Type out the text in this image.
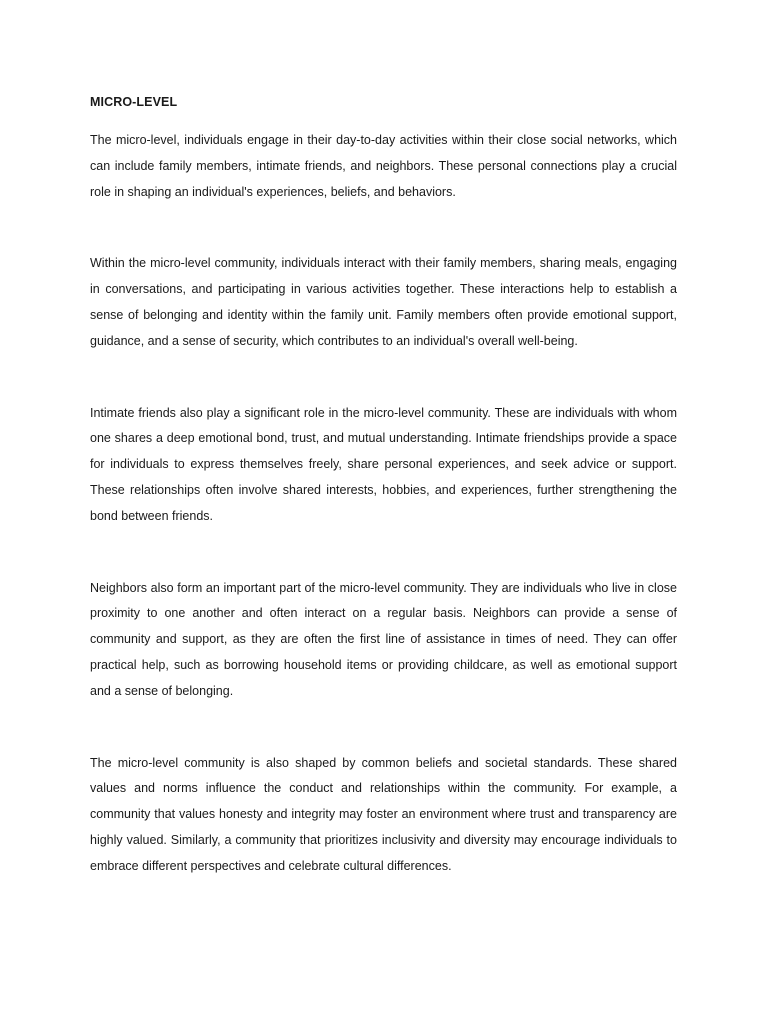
MICRO-LEVEL

The micro-level, individuals engage in their day-to-day activities within their close social networks, which can include family members, intimate friends, and neighbors. These personal connections play a crucial role in shaping an individual's experiences, beliefs, and behaviors.

Within the micro-level community, individuals interact with their family members, sharing meals, engaging in conversations, and participating in various activities together. These interactions help to establish a sense of belonging and identity within the family unit. Family members often provide emotional support, guidance, and a sense of security, which contributes to an individual's overall well-being.

Intimate friends also play a significant role in the micro-level community. These are individuals with whom one shares a deep emotional bond, trust, and mutual understanding. Intimate friendships provide a space for individuals to express themselves freely, share personal experiences, and seek advice or support. These relationships often involve shared interests, hobbies, and experiences, further strengthening the bond between friends.

Neighbors also form an important part of the micro-level community. They are individuals who live in close proximity to one another and often interact on a regular basis. Neighbors can provide a sense of community and support, as they are often the first line of assistance in times of need. They can offer practical help, such as borrowing household items or providing childcare, as well as emotional support and a sense of belonging.

The micro-level community is also shaped by common beliefs and societal standards. These shared values and norms influence the conduct and relationships within the community. For example, a community that values honesty and integrity may foster an environment where trust and transparency are highly valued. Similarly, a community that prioritizes inclusivity and diversity may encourage individuals to embrace different perspectives and celebrate cultural differences.
